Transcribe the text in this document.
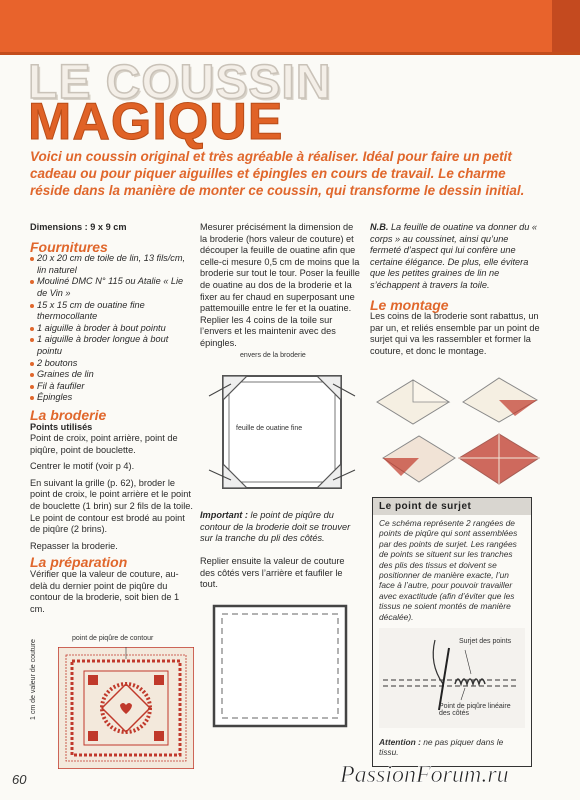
LE COUSSIN
MAGIQUE
Voici un coussin original et très agréable à réaliser. Idéal pour faire un petit cadeau ou pour piquer aiguilles et épingles en cours de travail. Le charme réside dans la manière de monter ce coussin, qui transforme le dessin initial.
Dimensions : 9 x 9 cm
Fournitures
20 x 20 cm de toile de lin, 13 fils/cm, lin naturel
Mouliné DMC N° 115 ou Atalie « Lie de Vin »
15 x 15 cm de ouatine fine thermocollante
1 aiguille à broder à bout pointu
1 aiguille à broder longue à bout pointu
2 boutons
Graines de lin
Fil à faufiler
Épingles
La broderie
Points utilisés
Point de croix, point arrière, point de piqûre, point de bouclette.
Centrer le motif (voir p 4).
En suivant la grille (p. 62), broder le point de croix, le point arrière et le point de bouclette (1 brin) sur 2 fils de la toile. Le point de contour est brodé au point de piqûre (2 brins).
Repasser la broderie.
La préparation
Vérifier que la valeur de couture, au-delà du dernier point de piqûre du contour de la broderie, soit bien de 1 cm.
point de piqûre de contour
1 cm de valeur de couture
Mesurer précisément la dimension de la broderie (hors valeur de couture) et découper la feuille de ouatine afin que celle-ci mesure 0,5 cm de moins que la broderie sur tout le tour. Poser la feuille de ouatine au dos de la broderie et la fixer au fer chaud en superposant une pattemouille entre le fer et la ouatine. Replier les 4 coins de la toile sur l’envers et les maintenir avec des épingles.
envers de la broderie
feuille de ouatine fine
Important : le point de piqûre du contour de la broderie doit se trouver sur la tranche du pli des côtés.
Replier ensuite la valeur de couture des côtés vers l’arrière et faufiler le tout.
N.B. La feuille de ouatine va donner du « corps » au coussinet, ainsi qu’une fermeté d’aspect qui lui confère une certaine élégance. De plus, elle évitera que les petites graines de lin ne s’échappent à travers la toile.
Le montage
Les coins de la broderie sont rabattus, un par un, et reliés ensemble par un point de surjet qui va les rassembler et former la couture, et donc le montage.
Le point de surjet
Ce schéma représente 2 rangées de points de piqûre qui sont assemblées par des points de surjet. Les rangées de points se situent sur les tranches des plis des tissus et doivent se positionner de manière exacte, l’un face à l’autre, pour pouvoir travailler avec exactitude (afin d’éviter que les tissus ne soient montés de manière décalée).
Surjet des points
Point de piqûre linéaire des côtés
Attention : ne pas piquer dans le tissu.
60	PassionForum.ru
